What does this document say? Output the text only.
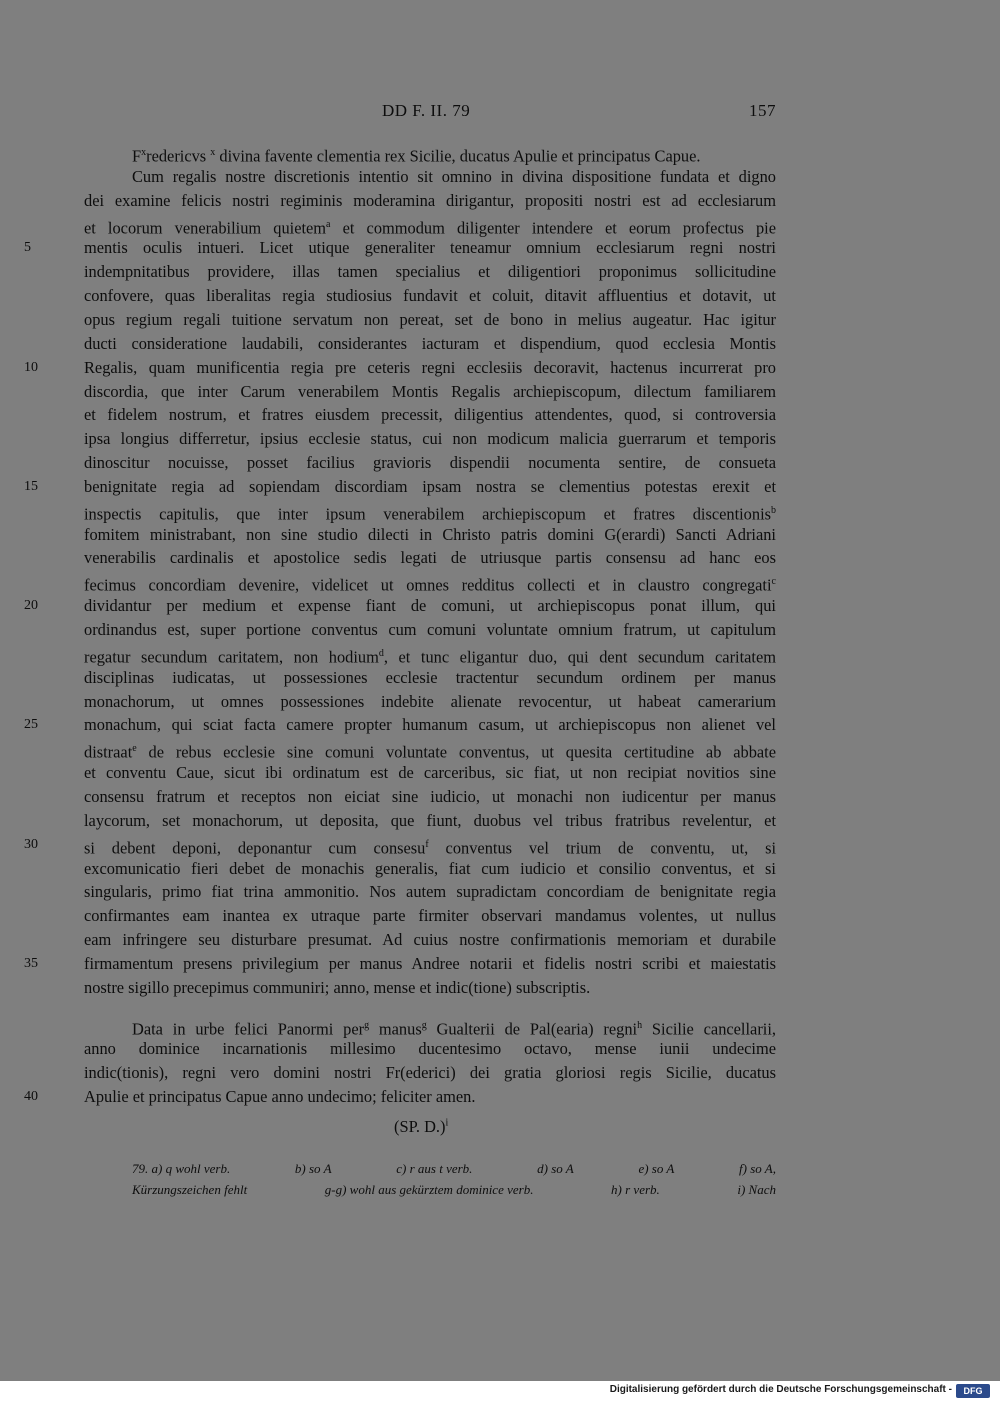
DD F. II. 79	157
$F^xredericvs$ $^x$ divina favente clementia rex Sicilie, ducatus Apulie et principatus Capue.
Cum regalis nostre discretionis intentio sit omnino in divina dispositione fundata et digno
dei examine felicis nostri regiminis moderamina dirigantur, propositi nostri est ad ecclesiarum
et locorum venerabilium quietem$^a$ et commodum diligenter intendere et eorum profectus pie
5	mentis oculis intueri. Licet utique generaliter teneamur omnium ecclesiarum regni nostri
indempnitatibus providere, illas tamen specialius et diligentiori proponimus sollicitudine
confovere, quas liberalitas regia studiosius fundavit et coluit, ditavit affluentius et dotavit, ut
opus regium regali tuitione servatum non pereat, set de bono in melius augeatur. Hac igitur
ducti consideratione laudabili, considerantes iacturam et dispendium, quod ecclesia Montis
10	Regalis, quam munificentia regia pre ceteris regni ecclesiis decoravit, hactenus incurrerat pro
discordia, que inter Carum venerabilem Montis Regalis archiepiscopum, dilectum familiarem
et fidelem nostrum, et fratres eiusdem precessit, diligentius attendentes, quod, si controversia
ipsa longius differretur, ipsius ecclesie status, cui non modicum malicia guerrarum et temporis
dinoscitur nocuisse, posset facilius gravioris dispendii nocumenta sentire, de consueta
15	benignitate regia ad sopiendam discordiam ipsam nostra se clementius potestas erexit et
inspectis capitulis, que inter ipsum venerabilem archiepiscopum et fratres discentionis$^b$
fomitem ministrabant, non sine studio dilecti in Christo patris domini G(erardi) Sancti Adriani
venerabilis cardinalis et apostolice sedis legati de utriusque partis consensu ad hanc eos
fecimus concordiam devenire, videlicet ut omnes redditus collecti et in claustro congregati$^c$
20	dividantur per medium et expense fiant de comuni, ut archiepiscopus ponat illum, qui
ordinandus est, super portione conventus cum comuni voluntate omnium fratrum, ut capitulum
regatur secundum caritatem, non hodium$^d$, et tunc eligantur duo, qui dent secundum caritatem
disciplinas iudicatas, ut possessiones ecclesie tractentur secundum ordinem per manus
monachorum, ut omnes possessiones indebite alienate revocentur, ut habeat camerarium
25	monachum, qui sciat facta camere propter humanum casum, ut archiepiscopus non alienet vel
distraat$^e$ de rebus ecclesie sine comuni voluntate conventus, ut quesita certitudine ab abbate
et conventu Caue, sicut ibi ordinatum est de carceribus, sic fiat, ut non recipiat novitios sine
consensu fratrum et receptos non eiciat sine iudicio, ut monachi non iudicentur per manus
laycorum, set monachorum, ut deposita, que fiunt, duobus vel tribus fratribus revelentur, et
30	si debent deponi, deponantur cum consesu$^f$ conventus vel trium de conventu, ut, si
excomunicatio fieri debet de monachis generalis, fiat cum iudicio et consilio conventus, et si
singularis, primo fiat trina ammonitio. Nos autem supradictam concordiam de benignitate regia
confirmantes eam inantea ex utraque parte firmiter observari mandamus volentes, ut nullus
eam infringere seu disturbare presumat. Ad cuius nostre confirmationis memoriam et durabile
35	firmamentum presens privilegium per manus Andree notarii et fidelis nostri scribi et maiestatis
nostre sigillo precepimus communiri; anno, mense et indic(tione) subscriptis.
Data in urbe felici Panormi per$^g$ manus$^g$ Gualterii de Pal(earia) regni$^h$ Sicilie cancellarii,
anno dominice incarnationis millesimo ducentesimo octavo, mense iunii undecime
indic(tionis), regni vero domini nostri Fr(ederici) dei gratia gloriosi regis Sicilie, ducatus
40	Apulie et principatus Capue anno undecimo; feliciter amen.
(SP. D.)$^i$
79. a) q wohl verb.	b) so A	c) r aus t verb.	d) so A	e) so A	f) so A,
Kürzungszeichen fehlt	g-g) wohl aus gekürztem dominice verb.	h) r verb.	i) Nach
Digitalisierung gefördert durch die Deutsche Forschungsgemeinschaft -	DFG
